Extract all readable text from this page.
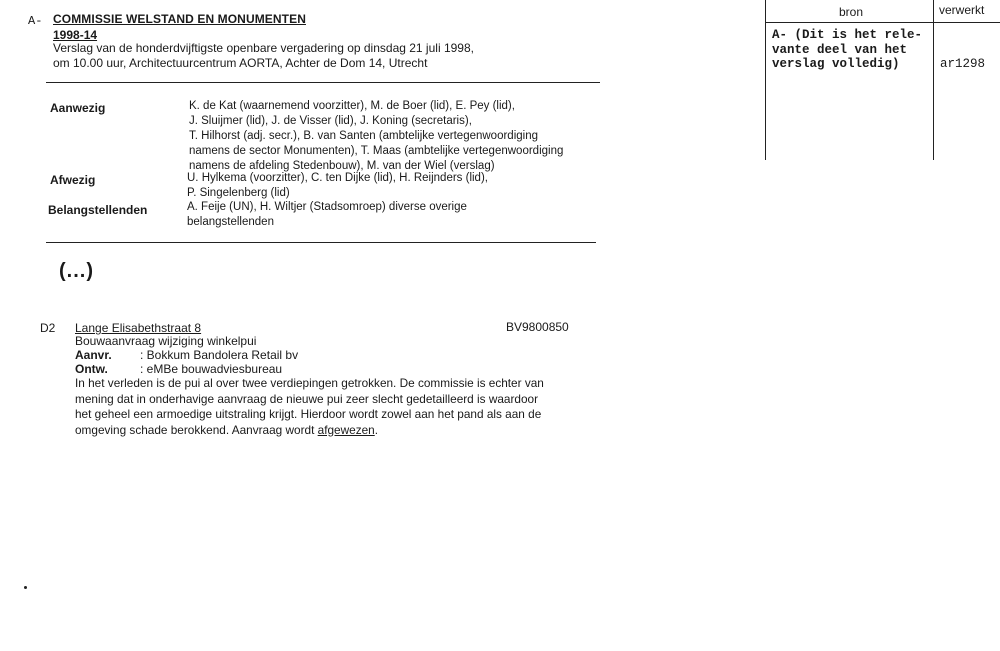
A- COMMISSIE WELSTAND EN MONUMENTEN
1998-14
Verslag van de honderdvijftigste openbare vergadering op dinsdag 21 juli 1998,
om 10.00 uur, Architectuurcentrum AORTA, Achter de Dom 14, Utrecht
Aanwezig	K. de Kat (waarnemend voorzitter), M. de Boer (lid), E. Pey (lid),
J. Sluijmer (lid), J. de Visser (lid), J. Koning (secretaris),
T. Hilhorst (adj. secr.), B. van Santen (ambtelijke vertegenwoordiging
namens de sector Monumenten), T. Maas (ambtelijke vertegenwoordiging
namens de afdeling Stedenbouw), M. van der Wiel (verslag)
Afwezig	U. Hylkema (voorzitter), C. ten Dijke (lid), H. Reijnders (lid),
P. Singelenberg (lid)
Belangstellenden	A. Feije (UN), H. Wiltjer (Stadsomroep) diverse overige
belangstellenden
(...)
D2 Lange Elisabethstraat 8	BV9800850
Bouwaanvraag wijziging winkelpui
Aanvr. : Bokkum Bandolera Retail bv
Ontw.	: eMBe bouwadviesbureau
In het verleden is de pui al over twee verdiepingen getrokken. De commissie is echter van
mening dat in onderhavige aanvraag de nieuwe pui zeer slecht gedetailleerd is waardoor
het geheel een armoedige uitstraling krijgt. Hierdoor wordt zowel aan het pand als aan de
omgeving schade berokkend. Aanvraag wordt afgewezen.
bron	verwerkt
A- (Dit is het rele-
vante deel van het
verslag volledig)	ar1298
